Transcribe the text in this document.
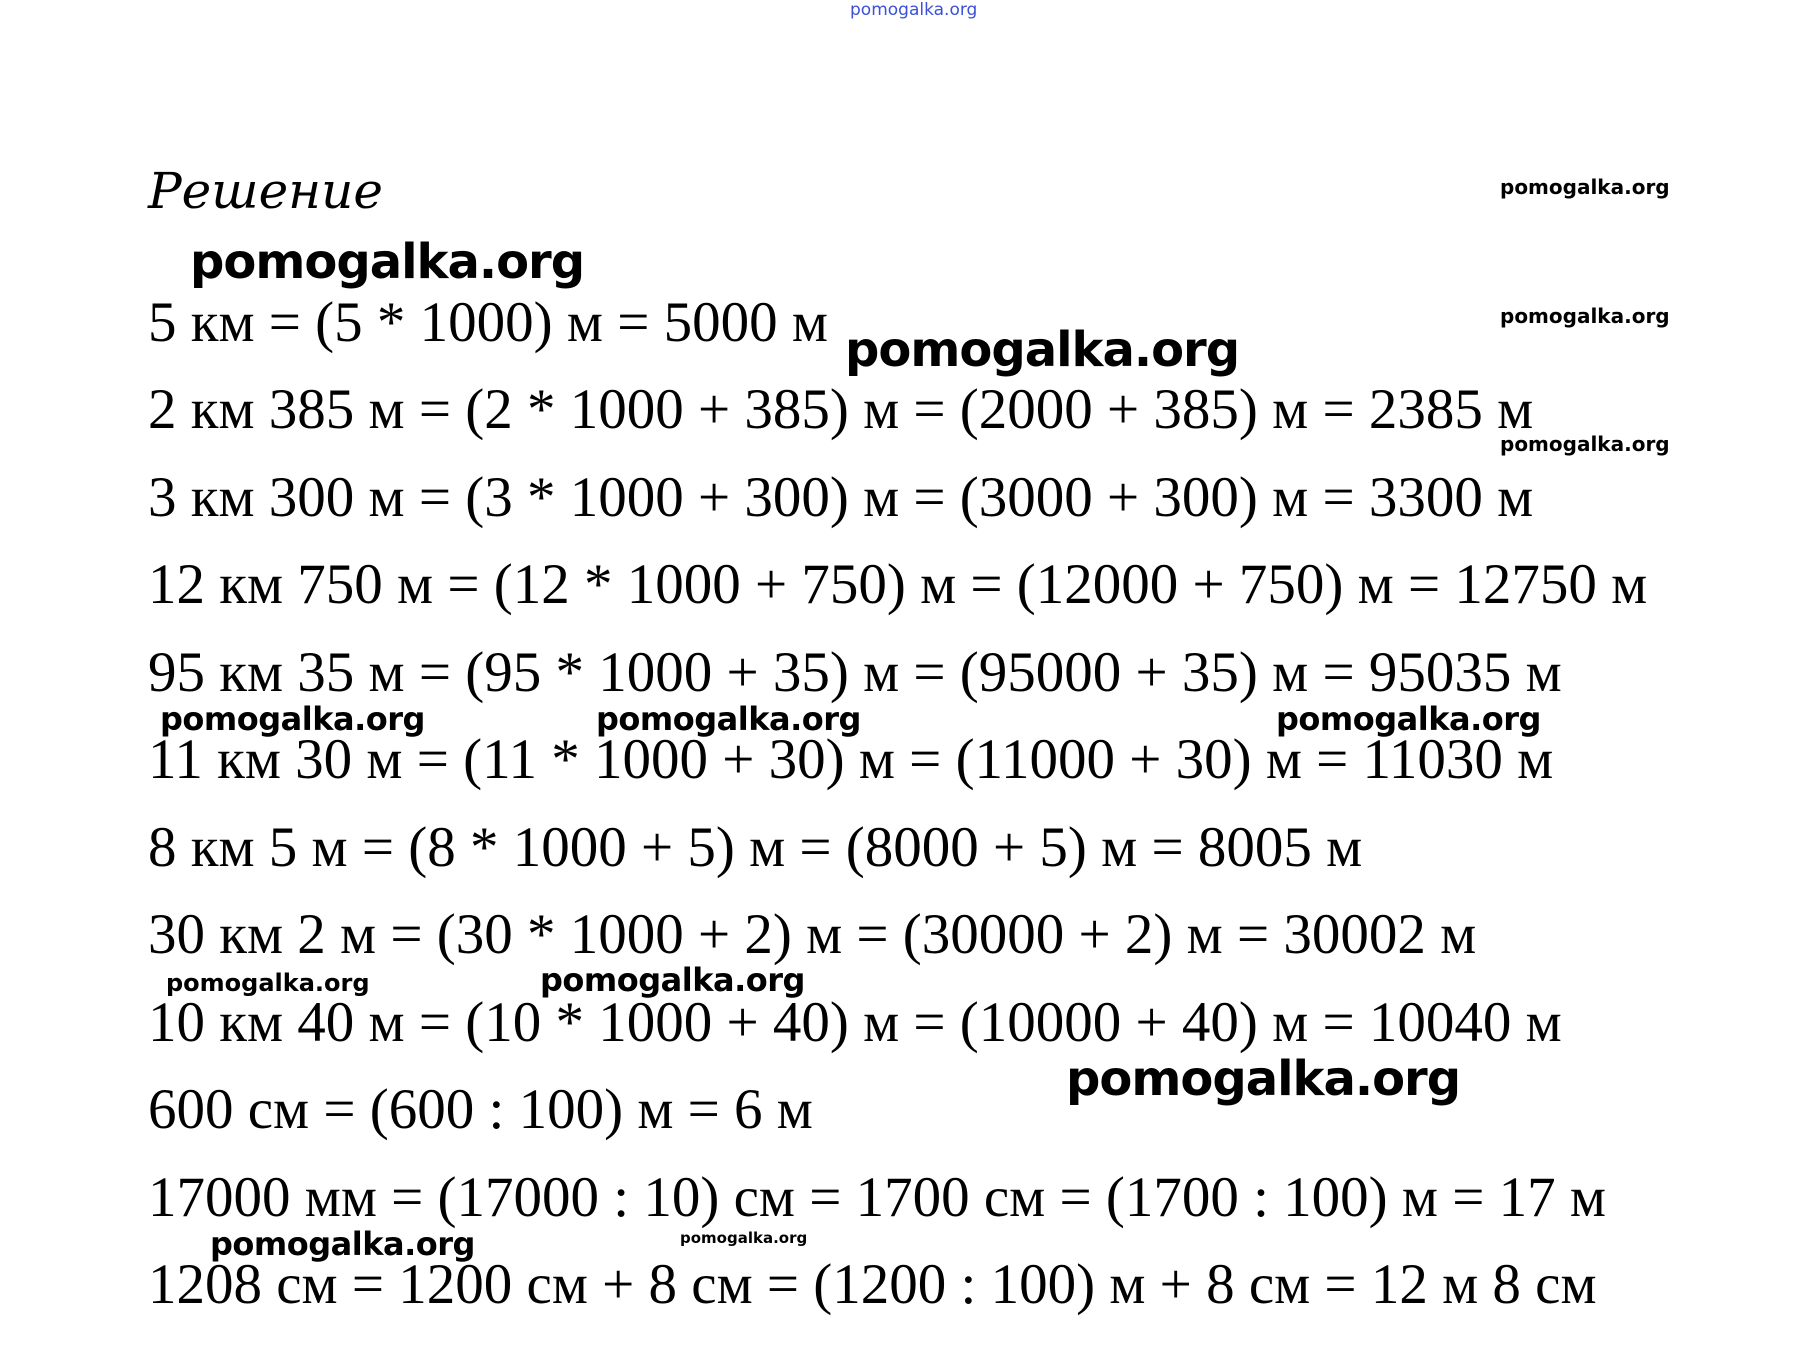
pomogalka.org
Решение
5 км = (5 * 1000) м = 5000 м
2 км 385 м = (2 * 1000 + 385) м = (2000 + 385) м = 2385 м
3 км 300 м = (3 * 1000 + 300) м = (3000 + 300) м = 3300 м
12 км 750 м = (12 * 1000 + 750) м = (12000 + 750) м = 12750 м
95 км 35 м = (95 * 1000 + 35) м = (95000 + 35) м = 95035 м
11 км 30 м = (11 * 1000 + 30) м = (11000 + 30) м = 11030 м
8 км 5 м = (8 * 1000 + 5) м = (8000 + 5) м = 8005 м
30 км 2 м = (30 * 1000 + 2) м = (30000 + 2) м = 30002 м
10 км 40 м = (10 * 1000 + 40) м = (10000 + 40) м = 10040 м
600 см = (600 : 100) м = 6 м
17000 мм = (17000 : 10) см = 1700 см = (1700 : 100) м = 17 м
1208 см = 1200 см + 8 см = (1200 : 100) м + 8 см = 12 м 8 см
pomogalka.org
pomogalka.org
pomogalka.org
pomogalka.org	pomogalka.org	pomogalka.org
pomogalka.org
pomogalka.org
pomogalka.org
pomogalka.org
pomogalka.org
pomogalka.org
pomogalka.org
